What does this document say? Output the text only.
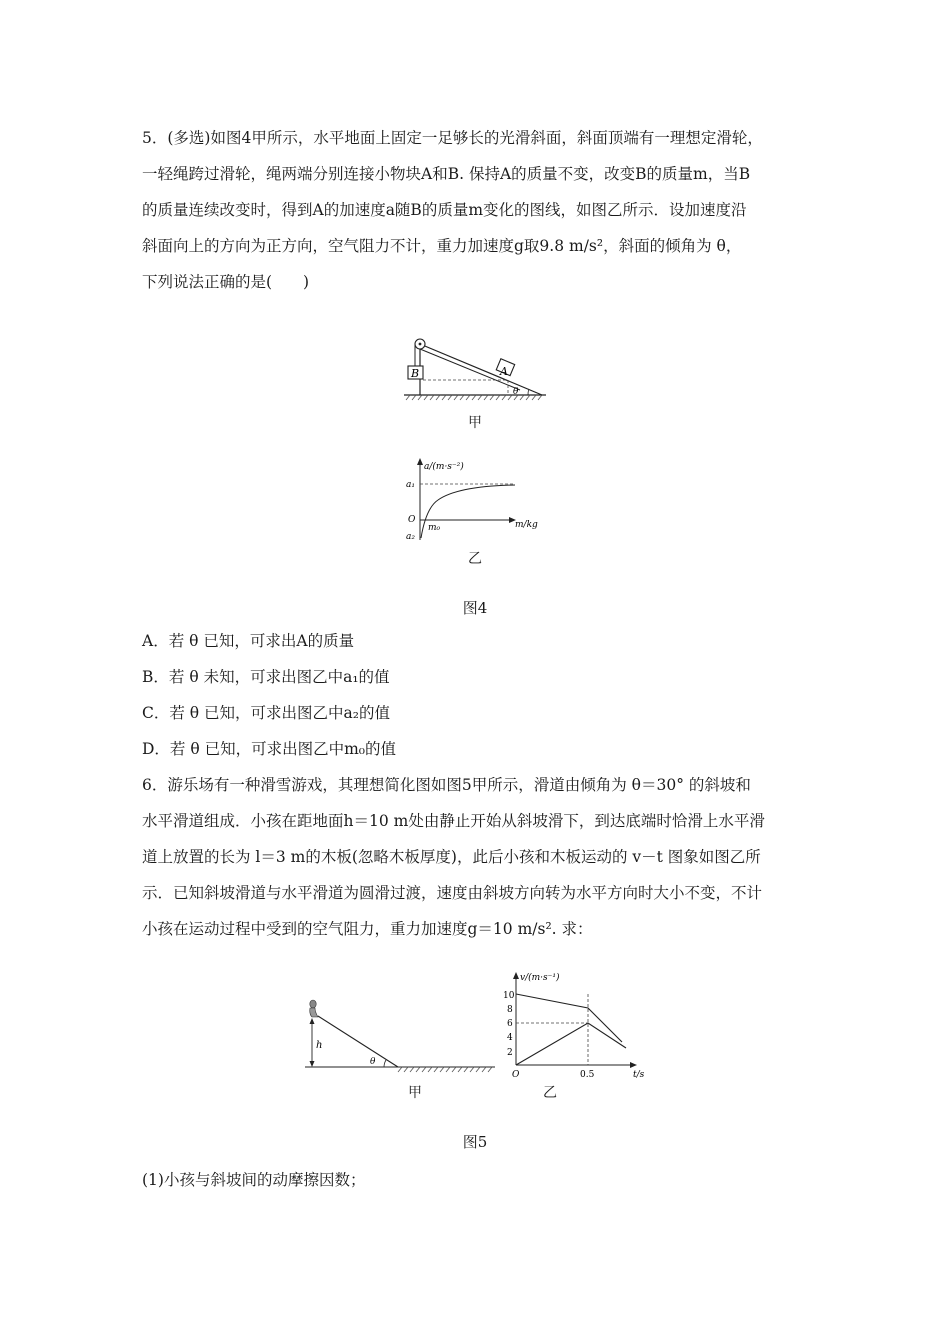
5．(多选)如图4甲所示，水平地面上固定一足够长的光滑斜面，斜面顶端有一理想定滑轮，
一轻绳跨过滑轮，绳两端分别连接小物块A和B. 保持A的质量不变，改变B的质量m，当B
的质量连续改变时，得到A的加速度a随B的质量m变化的图线，如图乙所示．设加速度沿
斜面向上的方向为正方向，空气阻力不计，重力加速度g取9.8 m/s²，斜面的倾角为 θ，
下列说法正确的是(　　)
B	A
θ
甲
a/(m·s⁻²)
m/kg
a₁
a₂
O
m₀
乙
图4
A．若 θ 已知，可求出A的质量
B．若 θ 未知，可求出图乙中a₁的值
C．若 θ 已知，可求出图乙中a₂的值
D．若 θ 已知，可求出图乙中m₀的值
6．游乐场有一种滑雪游戏，其理想简化图如图5甲所示，滑道由倾角为 θ＝30° 的斜坡和
水平滑道组成．小孩在距地面h＝10 m处由静止开始从斜坡滑下，到达底端时恰滑上水平滑
道上放置的长为 l＝3 m的木板(忽略木板厚度)，此后小孩和木板运动的 v－t 图象如图乙所
示．已知斜坡滑道与水平滑道为圆滑过渡，速度由斜坡方向转为水平方向时大小不变，不计
小孩在运动过程中受到的空气阻力，重力加速度g＝10 m/s². 求：
h
θ
甲
v/(m·s⁻¹)
t/s
O
10
8
6
4
2
0.5
乙
图5
(1)小孩与斜坡间的动摩擦因数；
